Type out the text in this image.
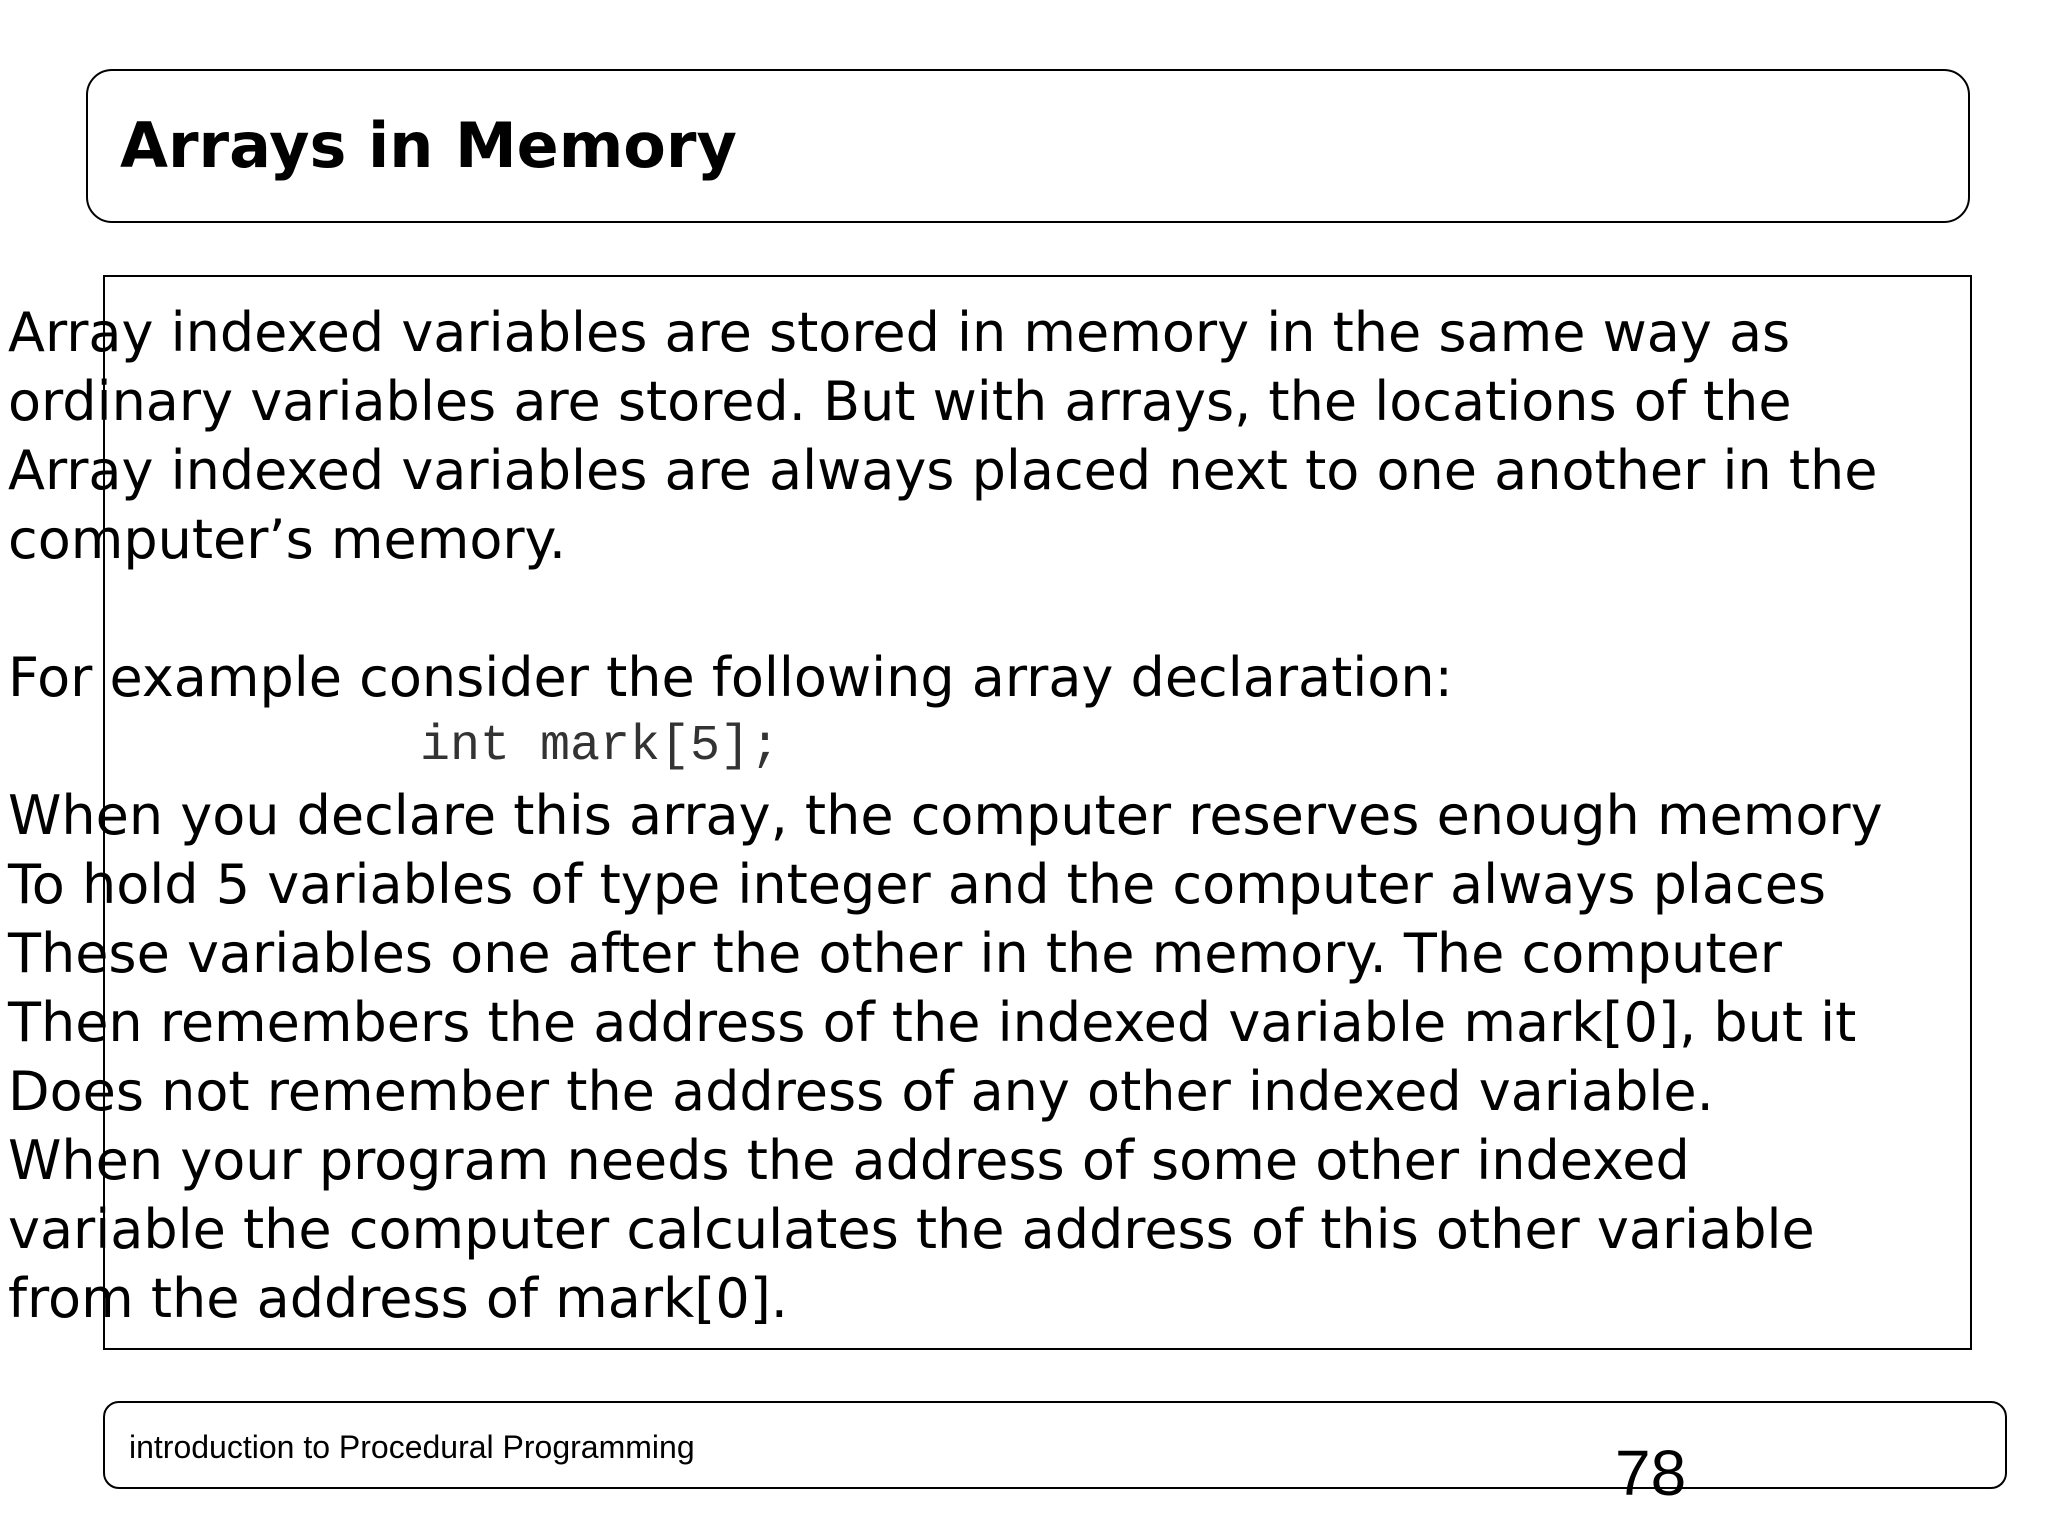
Arrays in Memory
Array indexed variables are stored in memory in the same way as
ordinary variables are stored. But with arrays, the locations of the
Array indexed variables are always placed next to one another in the
computer’s memory.
For example consider the following array declaration:
int mark[5];
When you declare this array, the computer reserves enough memory
To hold 5 variables of type integer and the computer always places
These variables one after the other in the memory. The computer
Then remembers the address of the indexed variable mark[0], but it
Does not remember the address of any other indexed variable.
When your program needs the address of some other indexed
variable the computer calculates the address of this other variable
from the address of mark[0].
introduction to Procedural Programming	78
